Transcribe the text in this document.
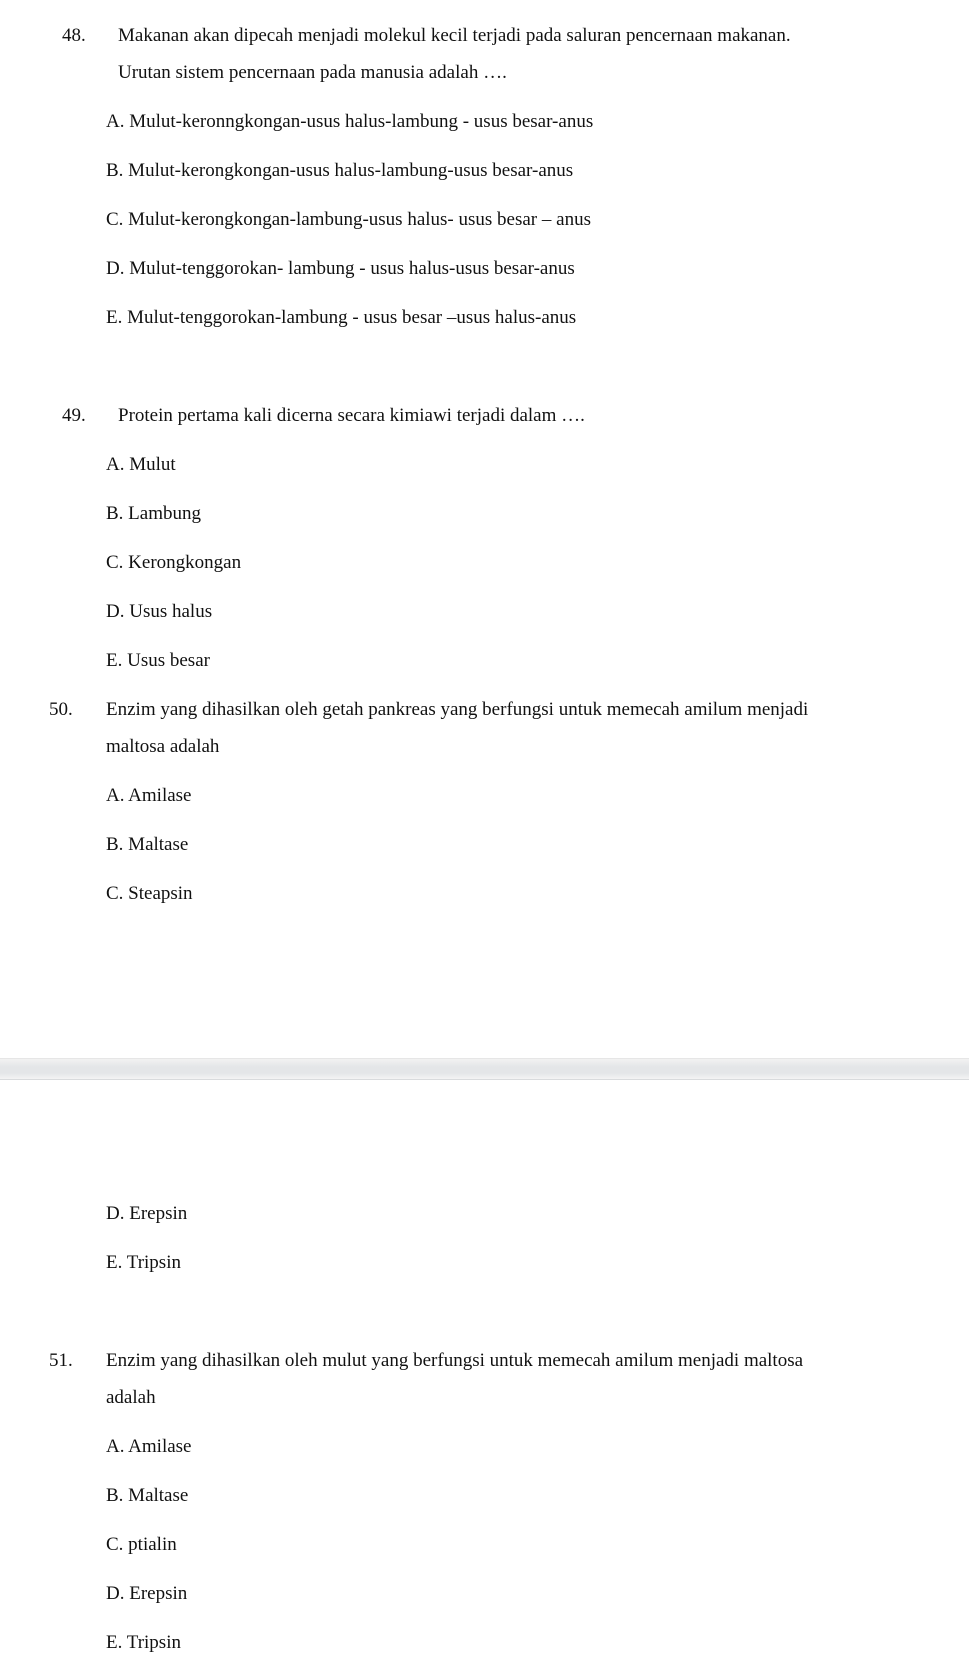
48. Makanan akan dipecah menjadi molekul kecil terjadi pada saluran pencernaan makanan.
Urutan sistem pencernaan pada manusia adalah ….
A. Mulut-keronngkongan-usus halus-lambung - usus besar-anus
B. Mulut-kerongkongan-usus halus-lambung-usus besar-anus
C. Mulut-kerongkongan-lambung-usus halus- usus besar – anus
D. Mulut-tenggorokan- lambung - usus halus-usus besar-anus
E. Mulut-tenggorokan-lambung - usus besar –usus halus-anus
49. Protein pertama kali dicerna secara kimiawi terjadi dalam ….
A. Mulut
B. Lambung
C. Kerongkongan
D. Usus halus
E. Usus besar
50. Enzim yang dihasilkan oleh getah pankreas yang berfungsi untuk memecah amilum menjadi
maltosa adalah
A. Amilase
B. Maltase
C. Steapsin
D. Erepsin
E. Tripsin
51. Enzim yang dihasilkan oleh mulut yang berfungsi untuk memecah amilum menjadi maltosa
adalah
A. Amilase
B. Maltase
C. ptialin
D. Erepsin
E. Tripsin
